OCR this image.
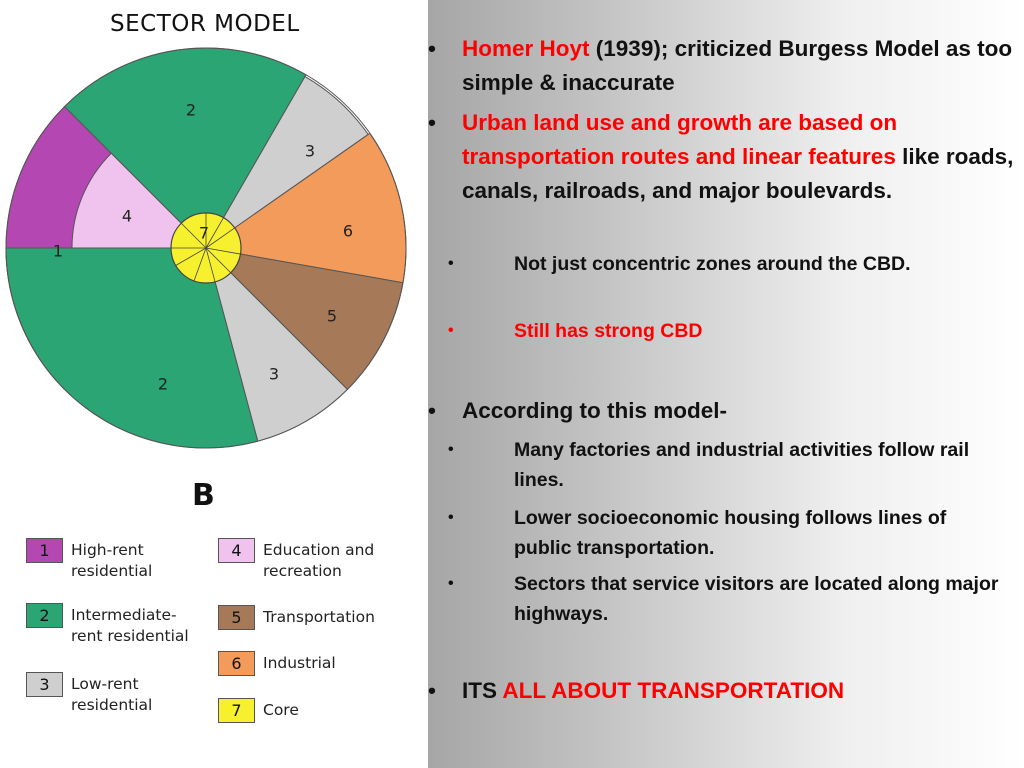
SECTOR MODEL
2
3
6
5
3
2
1
4
7
B
1	High-rent
residential
2	Intermediate-
rent residential
3	Low-rent
residential
4	Education and
recreation
5	Transportation
6	Industrial
7	Core
• Homer Hoyt (1939); criticized Burgess Model as too simple & inaccurate
• Urban land use and growth are based on transportation routes and linear features like roads, canals, railroads, and major boulevards.
•	Not just concentric zones around the CBD.
•	Still has strong CBD
• According to this model-
•	Many factories and industrial activities follow rail lines.
•	Lower socioeconomic housing follows lines of public transportation.
•	Sectors that service visitors are located along major highways.
• ITS ALL ABOUT TRANSPORTATION
